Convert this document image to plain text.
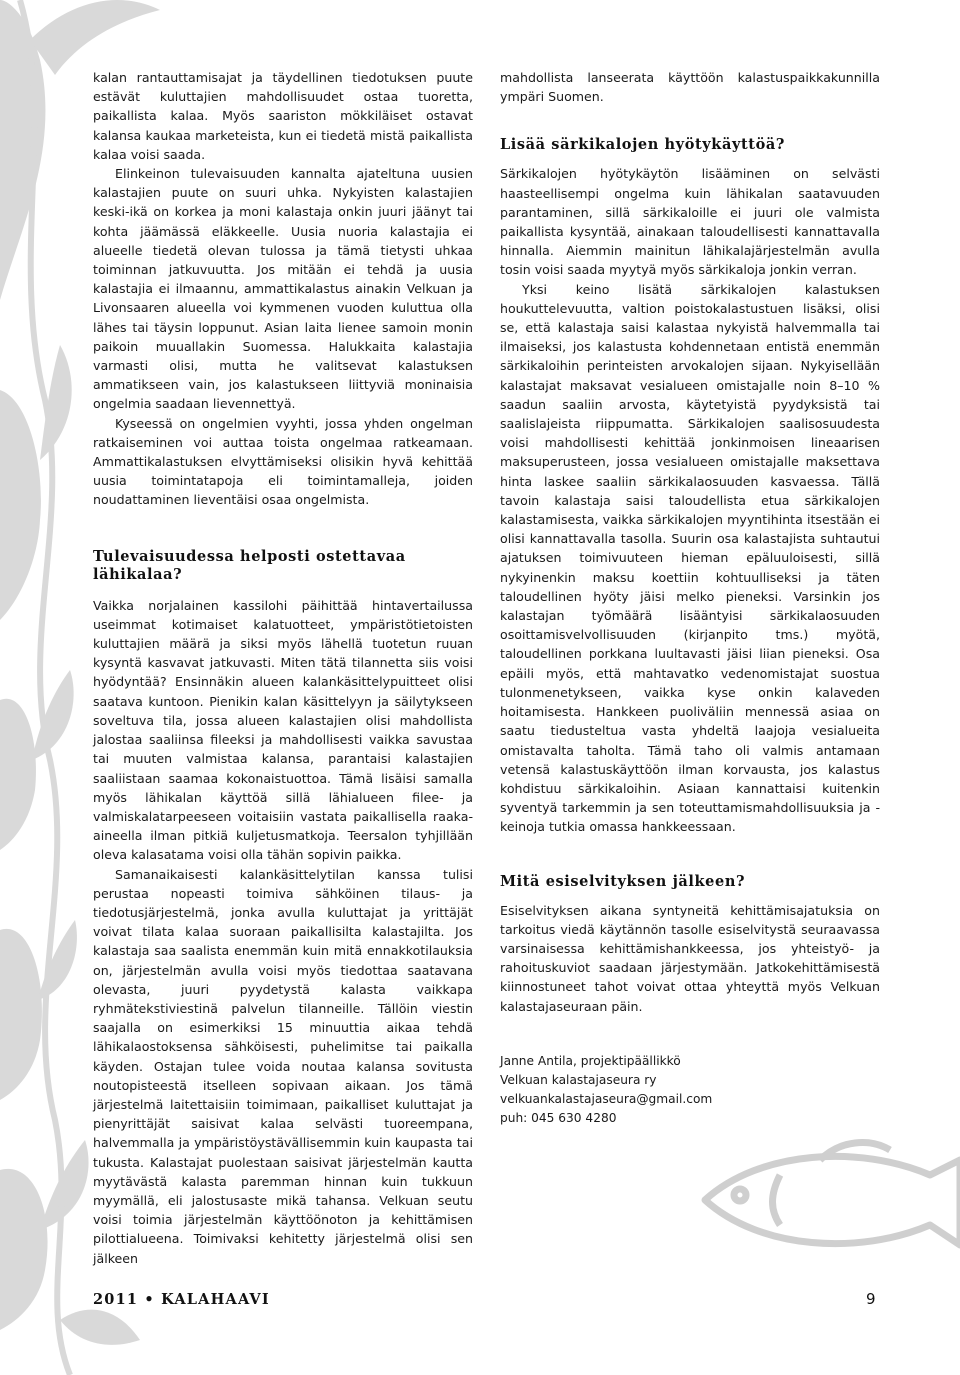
kalan rantauttamisajat ja täydellinen tiedotuksen puute estävät kuluttajien mahdollisuudet ostaa tuoretta, paikallista kalaa. Myös saariston mökkiläiset ostavat kalansa kaukaa marketeista, kun ei tiedetä mistä paikallista kalaa voisi saada.

Elinkeinon tulevaisuuden kannalta ajateltuna uusien kalastajien puute on suuri uhka. Nykyisten kalastajien keski-ikä on korkea ja moni kalastaja onkin juuri jäänyt tai kohta jäämässä eläkkeelle. Uusia nuoria kalastajia ei alueelle tiedetä olevan tulossa ja tämä tietysti uhkaa toiminnan jatkuvuutta. Jos mitään ei tehdä ja uusia kalastajia ei ilmaannu, ammattikalastus ainakin Velkuan ja Livonsaaren alueella voi kymmenen vuoden kuluttua olla lähes tai täysin loppunut. Asian laita lienee samoin monin paikoin muuallakin Suomessa. Halukkaita kalastajia varmasti olisi, mutta he valitsevat kalastuksen ammatikseen vain, jos kalastukseen liittyviä moninaisia ongelmia saadaan lievennettyä.

Kyseessä on ongelmien vyyhti, jossa yhden ongelman ratkaiseminen voi auttaa toista ongelmaa ratkeamaan. Ammattikalastuksen elvyttämiseksi olisikin hyvä kehittää uusia toimintatapoja eli toimintamalleja, joiden noudattaminen lieventäisi osaa ongelmista.

Tulevaisuudessa helposti ostettavaa lähikalaa?

Vaikka norjalainen kassilohi päihittää hintavertailussa useimmat kotimaiset kalatuotteet, ympäristötietoisten kuluttajien määrä ja siksi myös lähellä tuotetun ruuan kysyntä kasvavat jatkuvasti. Miten tätä tilannetta siis voisi hyödyntää? Ensinnäkin alueen kalankäsittelypuitteet olisi saatava kuntoon. Pienikin kalan käsittelyyn ja säilytykseen soveltuva tila, jossa alueen kalastajien olisi mahdollista jalostaa saaliinsa fileeksi ja mahdollisesti vaikka savustaa tai muuten valmistaa kalansa, parantaisi kalastajien saaliistaan saamaa kokonaistuottoa. Tämä lisäisi samalla myös lähikalan käyttöä sillä lähialueen filee- ja valmiskalatarpeeseen voitaisiin vastata paikallisella raaka-aineella ilman pitkiä kuljetusmatkoja. Teersalon tyhjillään oleva kalasatama voisi olla tähän sopivin paikka.

Samanaikaisesti kalankäsittelytilan kanssa tulisi perustaa nopeasti toimiva sähköinen tilaus- ja tiedotusjärjestelmä, jonka avulla kuluttajat ja yrittäjät voivat tilata kalaa suoraan paikallisilta kalastajilta. Jos kalastaja saa saalista enemmän kuin mitä ennakkotilauksia on, järjestelmän avulla voisi myös tiedottaa saatavana olevasta, juuri pyydetystä kalasta vaikkapa ryhmätekstiviestinä palvelun tilanneille. Tällöin viestin saajalla on esimerkiksi 15 minuuttia aikaa tehdä lähikalaostoksensa sähköisesti, puhelimitse tai paikalla käyden. Ostajan tulee voida noutaa kalansa sovitusta noutopisteestä itselleen sopivaan aikaan. Jos tämä järjestelmä laitettaisiin toimimaan, paikalliset kuluttajat ja pienyrittäjät saisivat kalaa selvästi tuoreempana, halvemmalla ja ympäristöystävällisemmin kuin kaupasta tai tukusta. Kalastajat puolestaan saisivat järjestelmän kautta myytävästä kalasta paremman hinnan kuin tukkuun myymällä, eli jalostusaste mikä tahansa. Velkuan seutu voisi toimia järjestelmän käyttöönoton ja kehittämisen pilottialueena. Toimivaksi kehitetty järjestelmä olisi sen jälkeen

mahdollista lanseerata käyttöön kalastuspaikkakunnilla ympäri Suomen.

Lisää särkikalojen hyötykäyttöä?

Särkikalojen hyötykäytön lisääminen on selvästi haasteellisempi ongelma kuin lähikalan saatavuuden parantaminen, sillä särkikaloille ei juuri ole valmista paikallista kysyntää, ainakaan taloudellisesti kannattavalla hinnalla. Aiemmin mainitun lähikalajärjestelmän avulla tosin voisi saada myytyä myös särkikaloja jonkin verran.

Yksi keino lisätä särkikalojen kalastuksen houkuttelevuutta, valtion poistokalastustuen lisäksi, olisi se, että kalastaja saisi kalastaa nykyistä halvemmalla tai ilmaiseksi, jos kalastusta kohdennetaan entistä enemmän särkikaloihin perinteisten arvokalojen sijaan. Nykyisellään kalastajat maksavat vesialueen omistajalle noin 8–10 % saadun saaliin arvosta, käytetyistä pyydyksistä tai saalislajeista riippumatta. Särkikalojen saalisosuudesta voisi mahdollisesti kehittää jonkinmoisen lineaarisen maksuperusteen, jossa vesialueen omistajalle maksettava hinta laskee saaliin särkikalaosuuden kasvaessa. Tällä tavoin kalastaja saisi taloudellista etua särkikalojen kalastamisesta, vaikka särkikalojen myyntihinta itsestään ei olisi kannattavalla tasolla. Suurin osa kalastajista suhtautui ajatuksen toimivuuteen hieman epäluuloisesti, sillä nykyinenkin maksu koettiin kohtuulliseksi ja täten taloudellinen hyöty jäisi melko pieneksi. Varsinkin jos kalastajan työmäärä lisääntyisi särkikalaosuuden osoittamisvelvollisuuden (kirjanpito tms.) myötä, taloudellinen porkkana luultavasti jäisi liian pieneksi. Osa epäili myös, että mahtavatko vedenomistajat suostua tulonmenetykseen, vaikka kyse onkin kalaveden hoitamisesta. Hankkeen puoliväliin mennessä asiaa on saatu tiedusteltua vasta yhdeltä laajoja vesialueita omistavalta taholta. Tämä taho oli valmis antamaan vetensä kalastuskäyttöön ilman korvausta, jos kalastus kohdistuu särkikaloihin. Asiaan kannattaisi kuitenkin syventyä tarkemmin ja sen toteuttamismahdollisuuksia ja -keinoja tutkia omassa hankkeessaan.

Mitä esiselvityksen jälkeen?

Esiselvityksen aikana syntyneitä kehittämisajatuksia on tarkoitus viedä käytännön tasolle esiselvitystä seuraavassa varsinaisessa kehittämishankkeessa, jos yhteistyö- ja rahoituskuviot saadaan järjestymään. Jatkokehittämisestä kiinnostuneet tahot voivat ottaa yhteyttä myös Velkuan kalastajaseuraan päin.

Janne Antila, projektipäällikkö
Velkuan kalastajaseura ry
velkuankalastajaseura@gmail.com
puh: 045 630 4280
2011 • KALAHAAVI	9
